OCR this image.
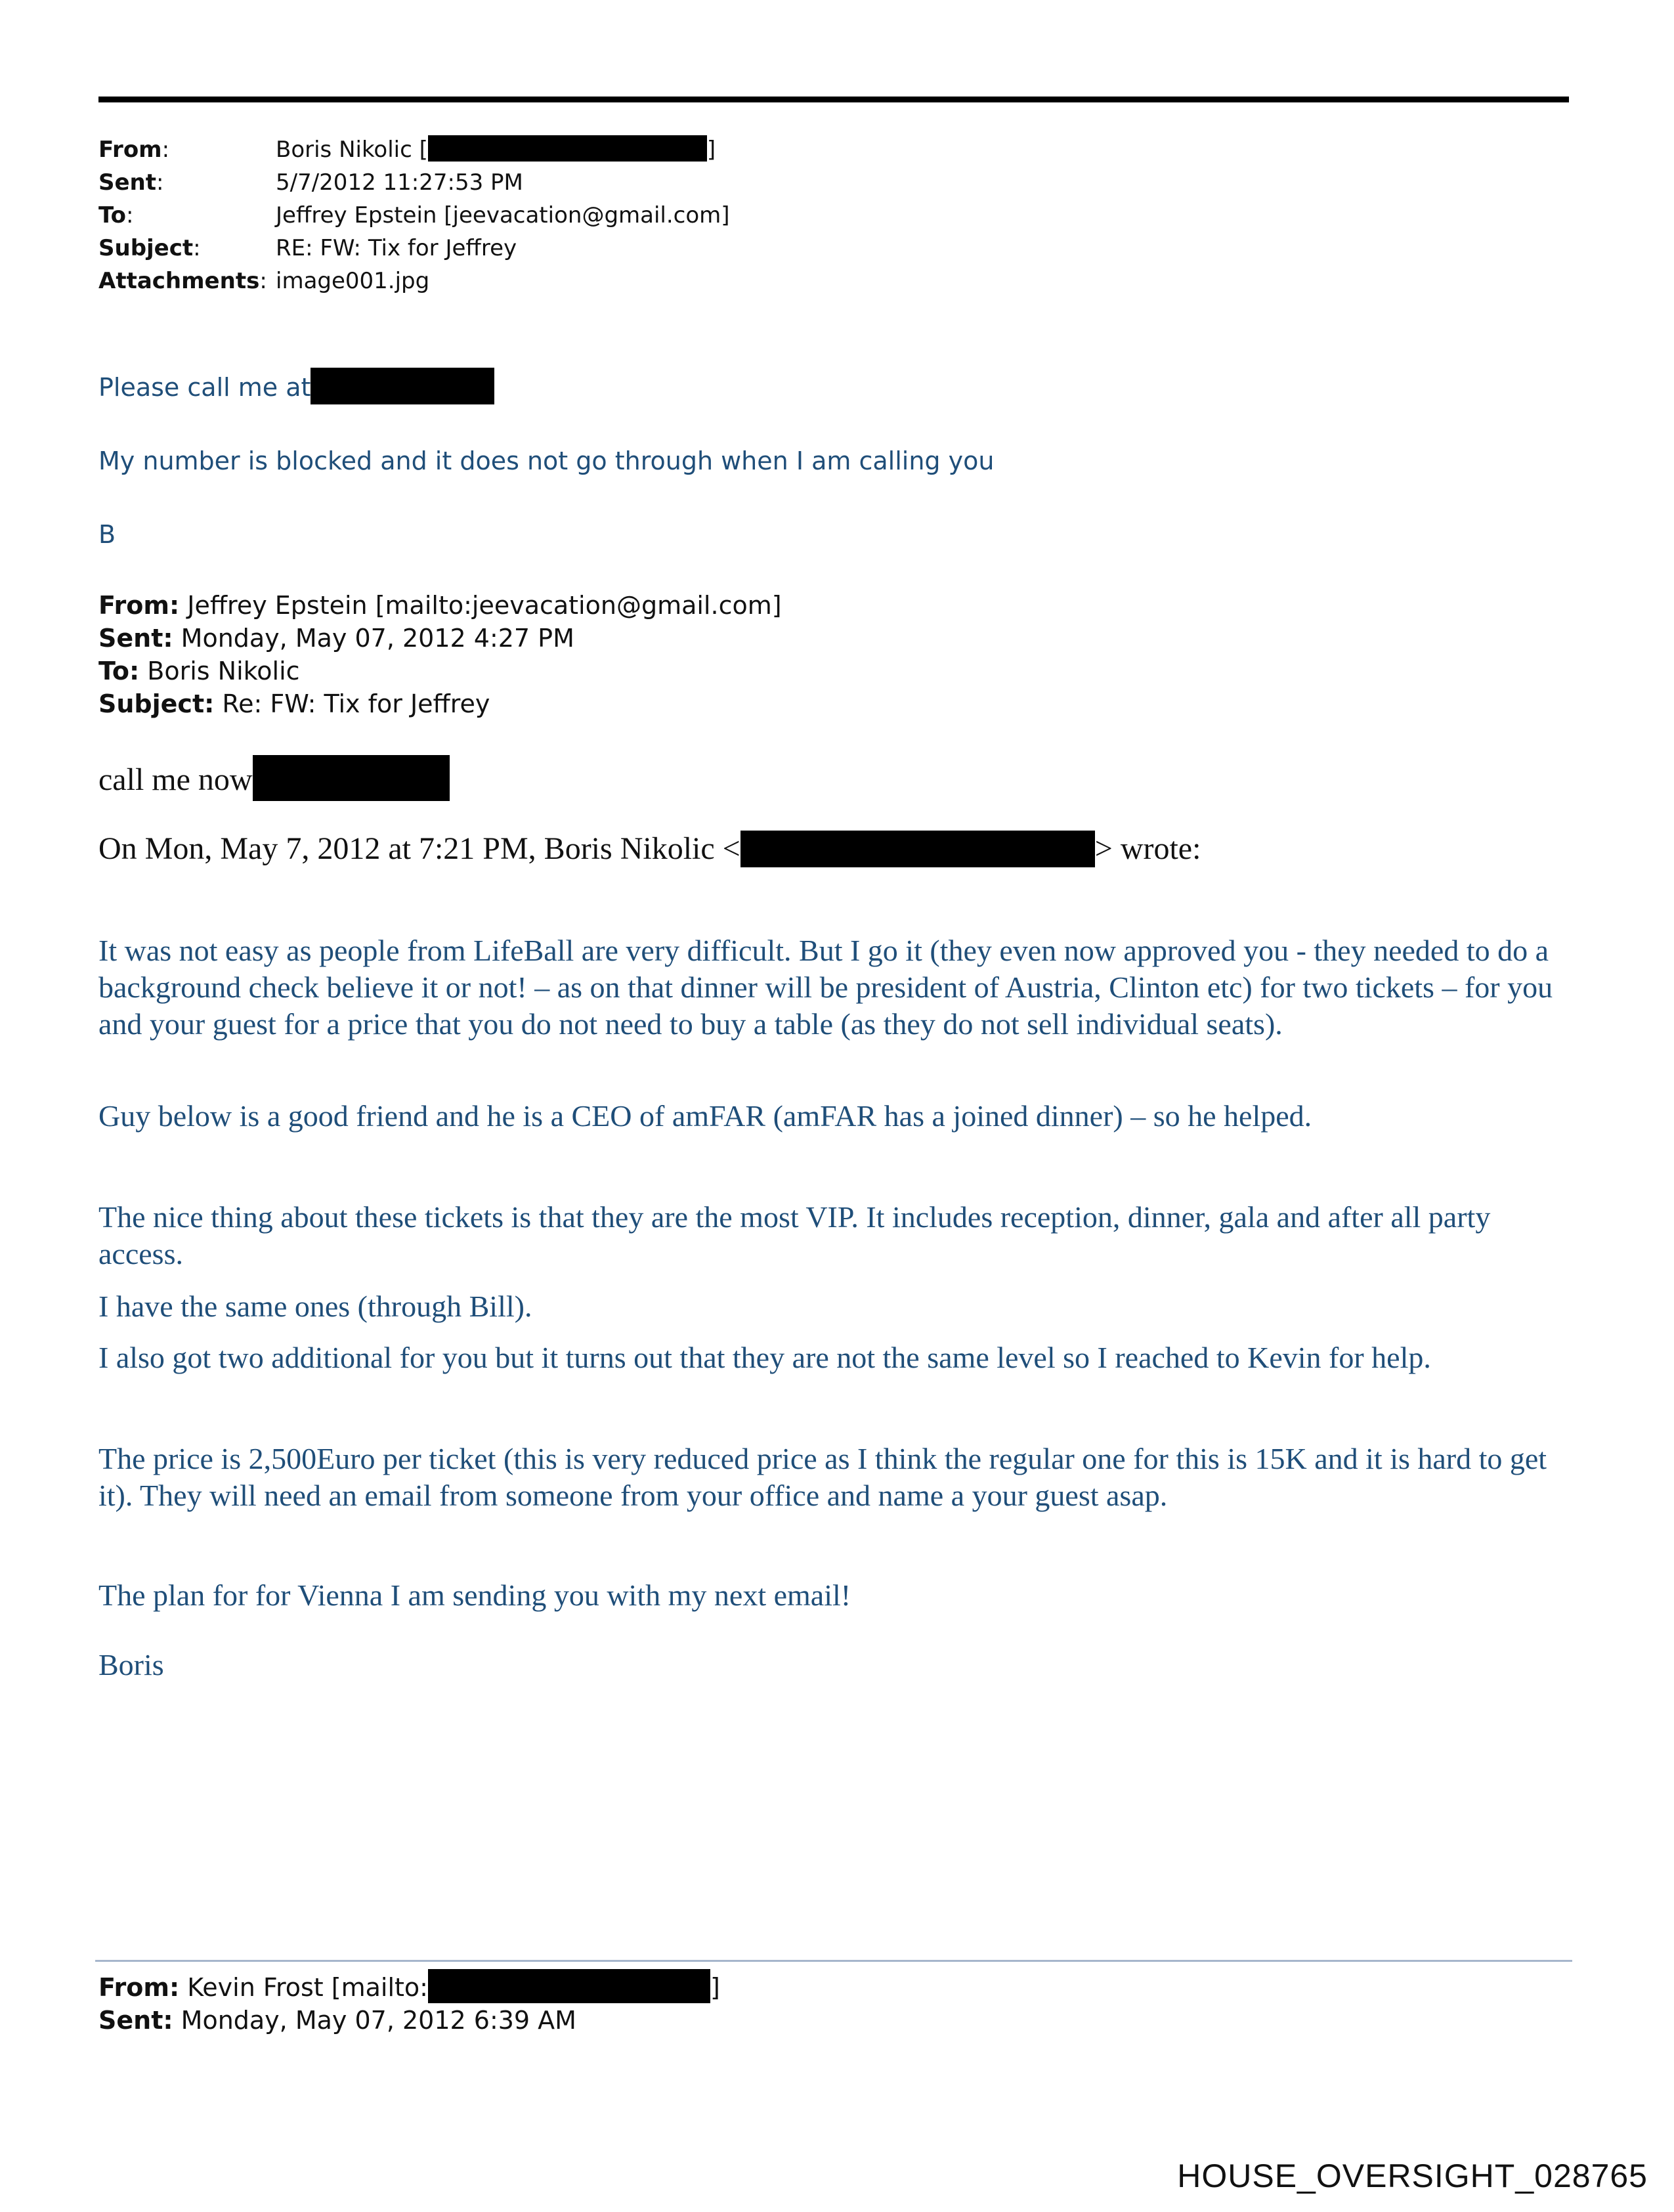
From:	Boris Nikolic [	]
Sent:	5/7/2012 11:27:53 PM
To:	Jeffrey Epstein [jeevacation@gmail.com]
Subject:	RE: FW: Tix for Jeffrey
Attachments: image001.jpg
Please call me at
My number is blocked and it does not go through when I am calling you
B
From: Jeffrey Epstein [mailto:jeevacation@gmail.com]
Sent: Monday, May 07, 2012 4:27 PM
To: Boris Nikolic
Subject: Re: FW: Tix for Jeffrey
call me now
On Mon, May 7, 2012 at 7:21 PM, Boris Nikolic <	> wrote:
It was not easy as people from LifeBall are very difficult. But I go it (they even now approved you - they needed to do a background check believe it or not! – as on that dinner will be president of Austria, Clinton etc) for two tickets – for you and your guest for a price that you do not need to buy a table (as they do not sell individual seats).
Guy below is a good friend and he is a CEO of amFAR (amFAR has a joined dinner) – so he helped.
The nice thing about these tickets is that they are the most VIP. It includes reception, dinner, gala and after all party access.
I have the same ones (through Bill).
I also got two additional for you but it turns out that they are not the same level so I reached to Kevin for help.
The price is 2,500Euro per ticket (this is very reduced price as I think the regular one for this is 15K and it is hard to get it). They will need an email from someone from your office and name a your guest asap.
The plan for for Vienna I am sending you with my next email!
Boris
From: Kevin Frost [mailto:	]
Sent: Monday, May 07, 2012 6:39 AM
HOUSE_OVERSIGHT_028765
